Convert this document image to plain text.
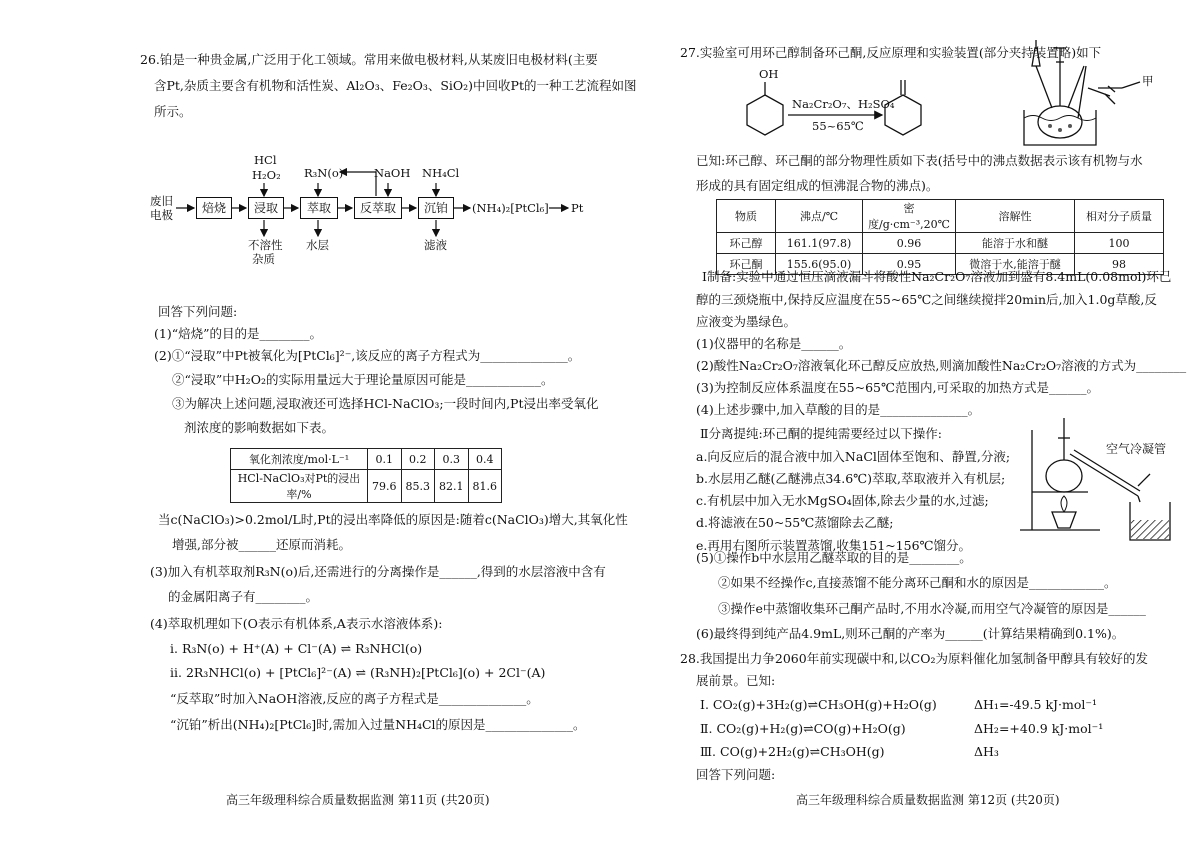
26.铂是一种贵金属,广泛用于化工领域。常用来做电极材料,从某废旧电极材料(主要
含Pt,杂质主要含有机物和活性炭、Al₂O₃、Fe₂O₃、SiO₂)中回收Pt的一种工艺流程如图
所示。
废旧
电极	焙烧	浸取	萃取	反萃取	沉铂
HCl
H₂O₂ R₃N(o)	NaOH NH₄Cl
不溶性
杂质
水层	滤液
(NH₄)₂[PtCl₆] Pt
回答下列问题:
(1)“焙烧”的目的是________。
(2)①“浸取”中Pt被氧化为[PtCl₆]²⁻,该反应的离子方程式为______________。
②“浸取”中H₂O₂的实际用量远大于理论量原因可能是____________。
③为解决上述问题,浸取液还可选择HCl-NaClO₃;一段时间内,Pt浸出率受氧化
剂浓度的影响数据如下表。
氧化剂浓度/mol·L⁻¹	0.1	0.2	0.3	0.4
HCl-NaClO₃对Pt的浸出率/%	79.6	85.3	82.1	81.6
当c(NaClO₃)>0.2mol/L时,Pt的浸出率降低的原因是:随着c(NaClO₃)增大,其氧化性
增强,部分被______还原而消耗。
(3)加入有机萃取剂R₃N(o)后,还需进行的分离操作是______,得到的水层溶液中含有
的金属阳离子有________。
(4)萃取机理如下(O表示有机体系,A表示水溶液体系):
ⅰ. R₃N(o) + H⁺(A) + Cl⁻(A) ⇌ R₃NHCl(o)
ⅱ. 2R₃NHCl(o) + [PtCl₆]²⁻(A) ⇌ (R₃NH)₂[PtCl₆](o) + 2Cl⁻(A)
“反萃取”时加入NaOH溶液,反应的离子方程式是______________。
“沉铂”析出(NH₄)₂[PtCl₆]时,需加入过量NH₄Cl的原因是______________。
高三年级理科综合质量数据监测 第11页 (共20页)
27.实验室可用环己醇制备环己酮,反应原理和实验装置(部分夹持装置略)如下
OH
Na₂Cr₂O₇、H₂SO₄
55~65℃
甲
已知:环己醇、环己酮的部分物理性质如下表(括号中的沸点数据表示该有机物与水
形成的具有固定组成的恒沸混合物的沸点)。
物质	沸点/℃	密度/g·cm⁻³,20℃	溶解性	相对分子质量
环己醇	161.1(97.8)	0.96	能溶于水和醚	100
环己酮	155.6(95.0)	0.95	微溶于水,能溶于醚	98
Ⅰ制备:实验中通过恒压滴液漏斗将酸性Na₂Cr₂O₇溶液加到盛有8.4mL(0.08mol)环己
醇的三颈烧瓶中,保持反应温度在55~65℃之间继续搅拌20min后,加入1.0g草酸,反
应液变为墨绿色。
(1)仪器甲的名称是______。
(2)酸性Na₂Cr₂O₇溶液氧化环己醇反应放热,则滴加酸性Na₂Cr₂O₇溶液的方式为________
(3)为控制反应体系温度在55~65℃范围内,可采取的加热方式是______。
(4)上述步骤中,加入草酸的目的是______________。
Ⅱ分离提纯:环己酮的提纯需要经过以下操作:
a.向反应后的混合液中加入NaCl固体至饱和、静置,分液;
b.水层用乙醚(乙醚沸点34.6℃)萃取,萃取液并入有机层;
c.有机层中加入无水MgSO₄固体,除去少量的水,过滤;
d.将滤液在50~55℃蒸馏除去乙醚;
e.再用右图所示装置蒸馏,收集151~156℃馏分。
空气冷凝管
(5)①操作b中水层用乙醚萃取的目的是________。
②如果不经操作c,直接蒸馏不能分离环己酮和水的原因是____________。
③操作e中蒸馏收集环己酮产品时,不用水冷凝,而用空气冷凝管的原因是______
(6)最终得到纯产品4.9mL,则环己酮的产率为______(计算结果精确到0.1%)。
28.我国提出力争2060年前实现碳中和,以CO₂为原料催化加氢制备甲醇具有较好的发
展前景。已知:
Ⅰ. CO₂(g)+3H₂(g)⇌CH₃OH(g)+H₂O(g)	ΔH₁=-49.5 kJ·mol⁻¹
Ⅱ. CO₂(g)+H₂(g)⇌CO(g)+H₂O(g)	ΔH₂=+40.9 kJ·mol⁻¹
Ⅲ. CO(g)+2H₂(g)⇌CH₃OH(g)	ΔH₃
回答下列问题:
高三年级理科综合质量数据监测 第12页 (共20页)
